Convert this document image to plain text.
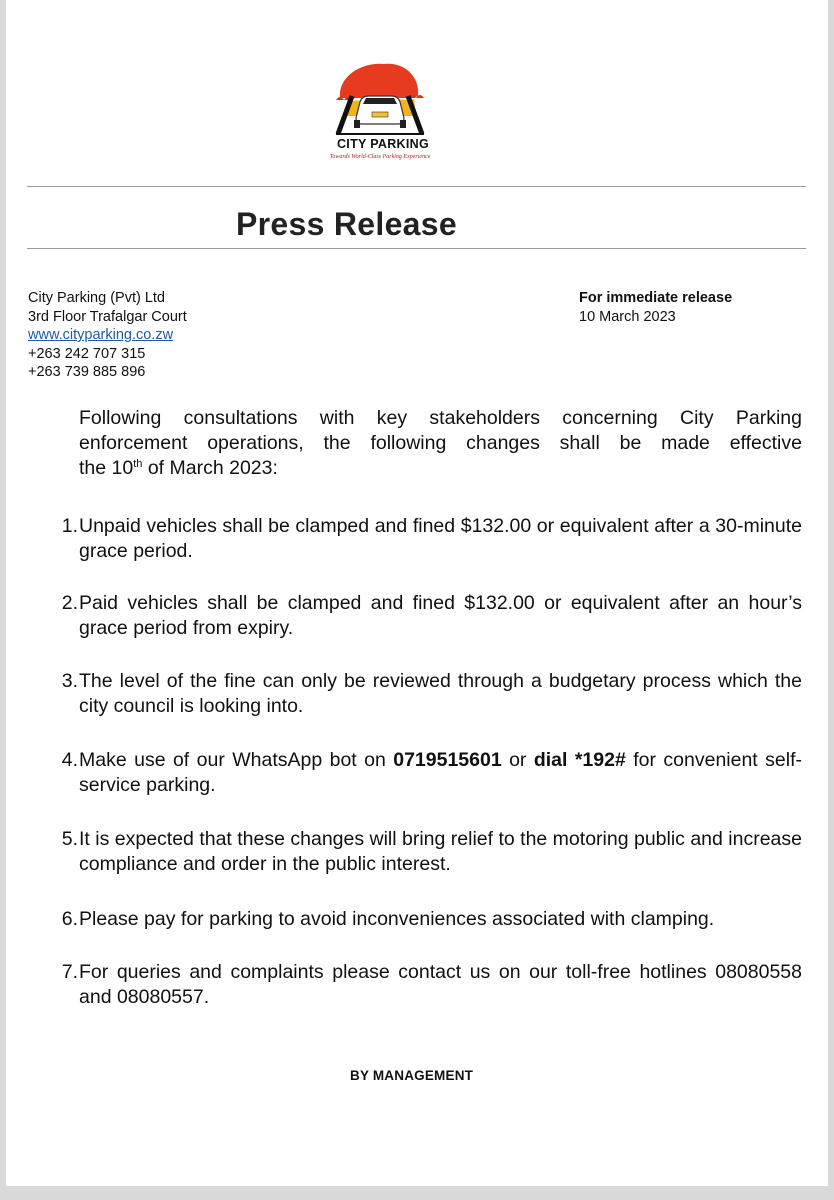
CITY PARKING
Towards World-Class Parking Experience
Press Release
City Parking (Pvt) Ltd
3rd Floor Trafalgar Court
www.cityparking.co.zw
+263 242 707 315
+263 739 885 896
For immediate release
10 March 2023
Following consultations with key stakeholders concerning City Parking
enforcement operations, the following changes shall be made effective
the 10th of March 2023:
1. Unpaid vehicles shall be clamped and fined $132.00 or equivalent after a 30-minute grace period.
2. Paid vehicles shall be clamped and fined $132.00 or equivalent after an hour’s grace period from expiry.
3. The level of the fine can only be reviewed through a budgetary process which the city council is looking into.
4. Make use of our WhatsApp bot on 0719515601 or dial *192# for convenient self-service parking.
5. It is expected that these changes will bring relief to the motoring public and increase compliance and order in the public interest.
6. Please pay for parking to avoid inconveniences associated with clamping.
7. For queries and complaints please contact us on our toll-free hotlines 08080558 and 08080557.
BY MANAGEMENT
